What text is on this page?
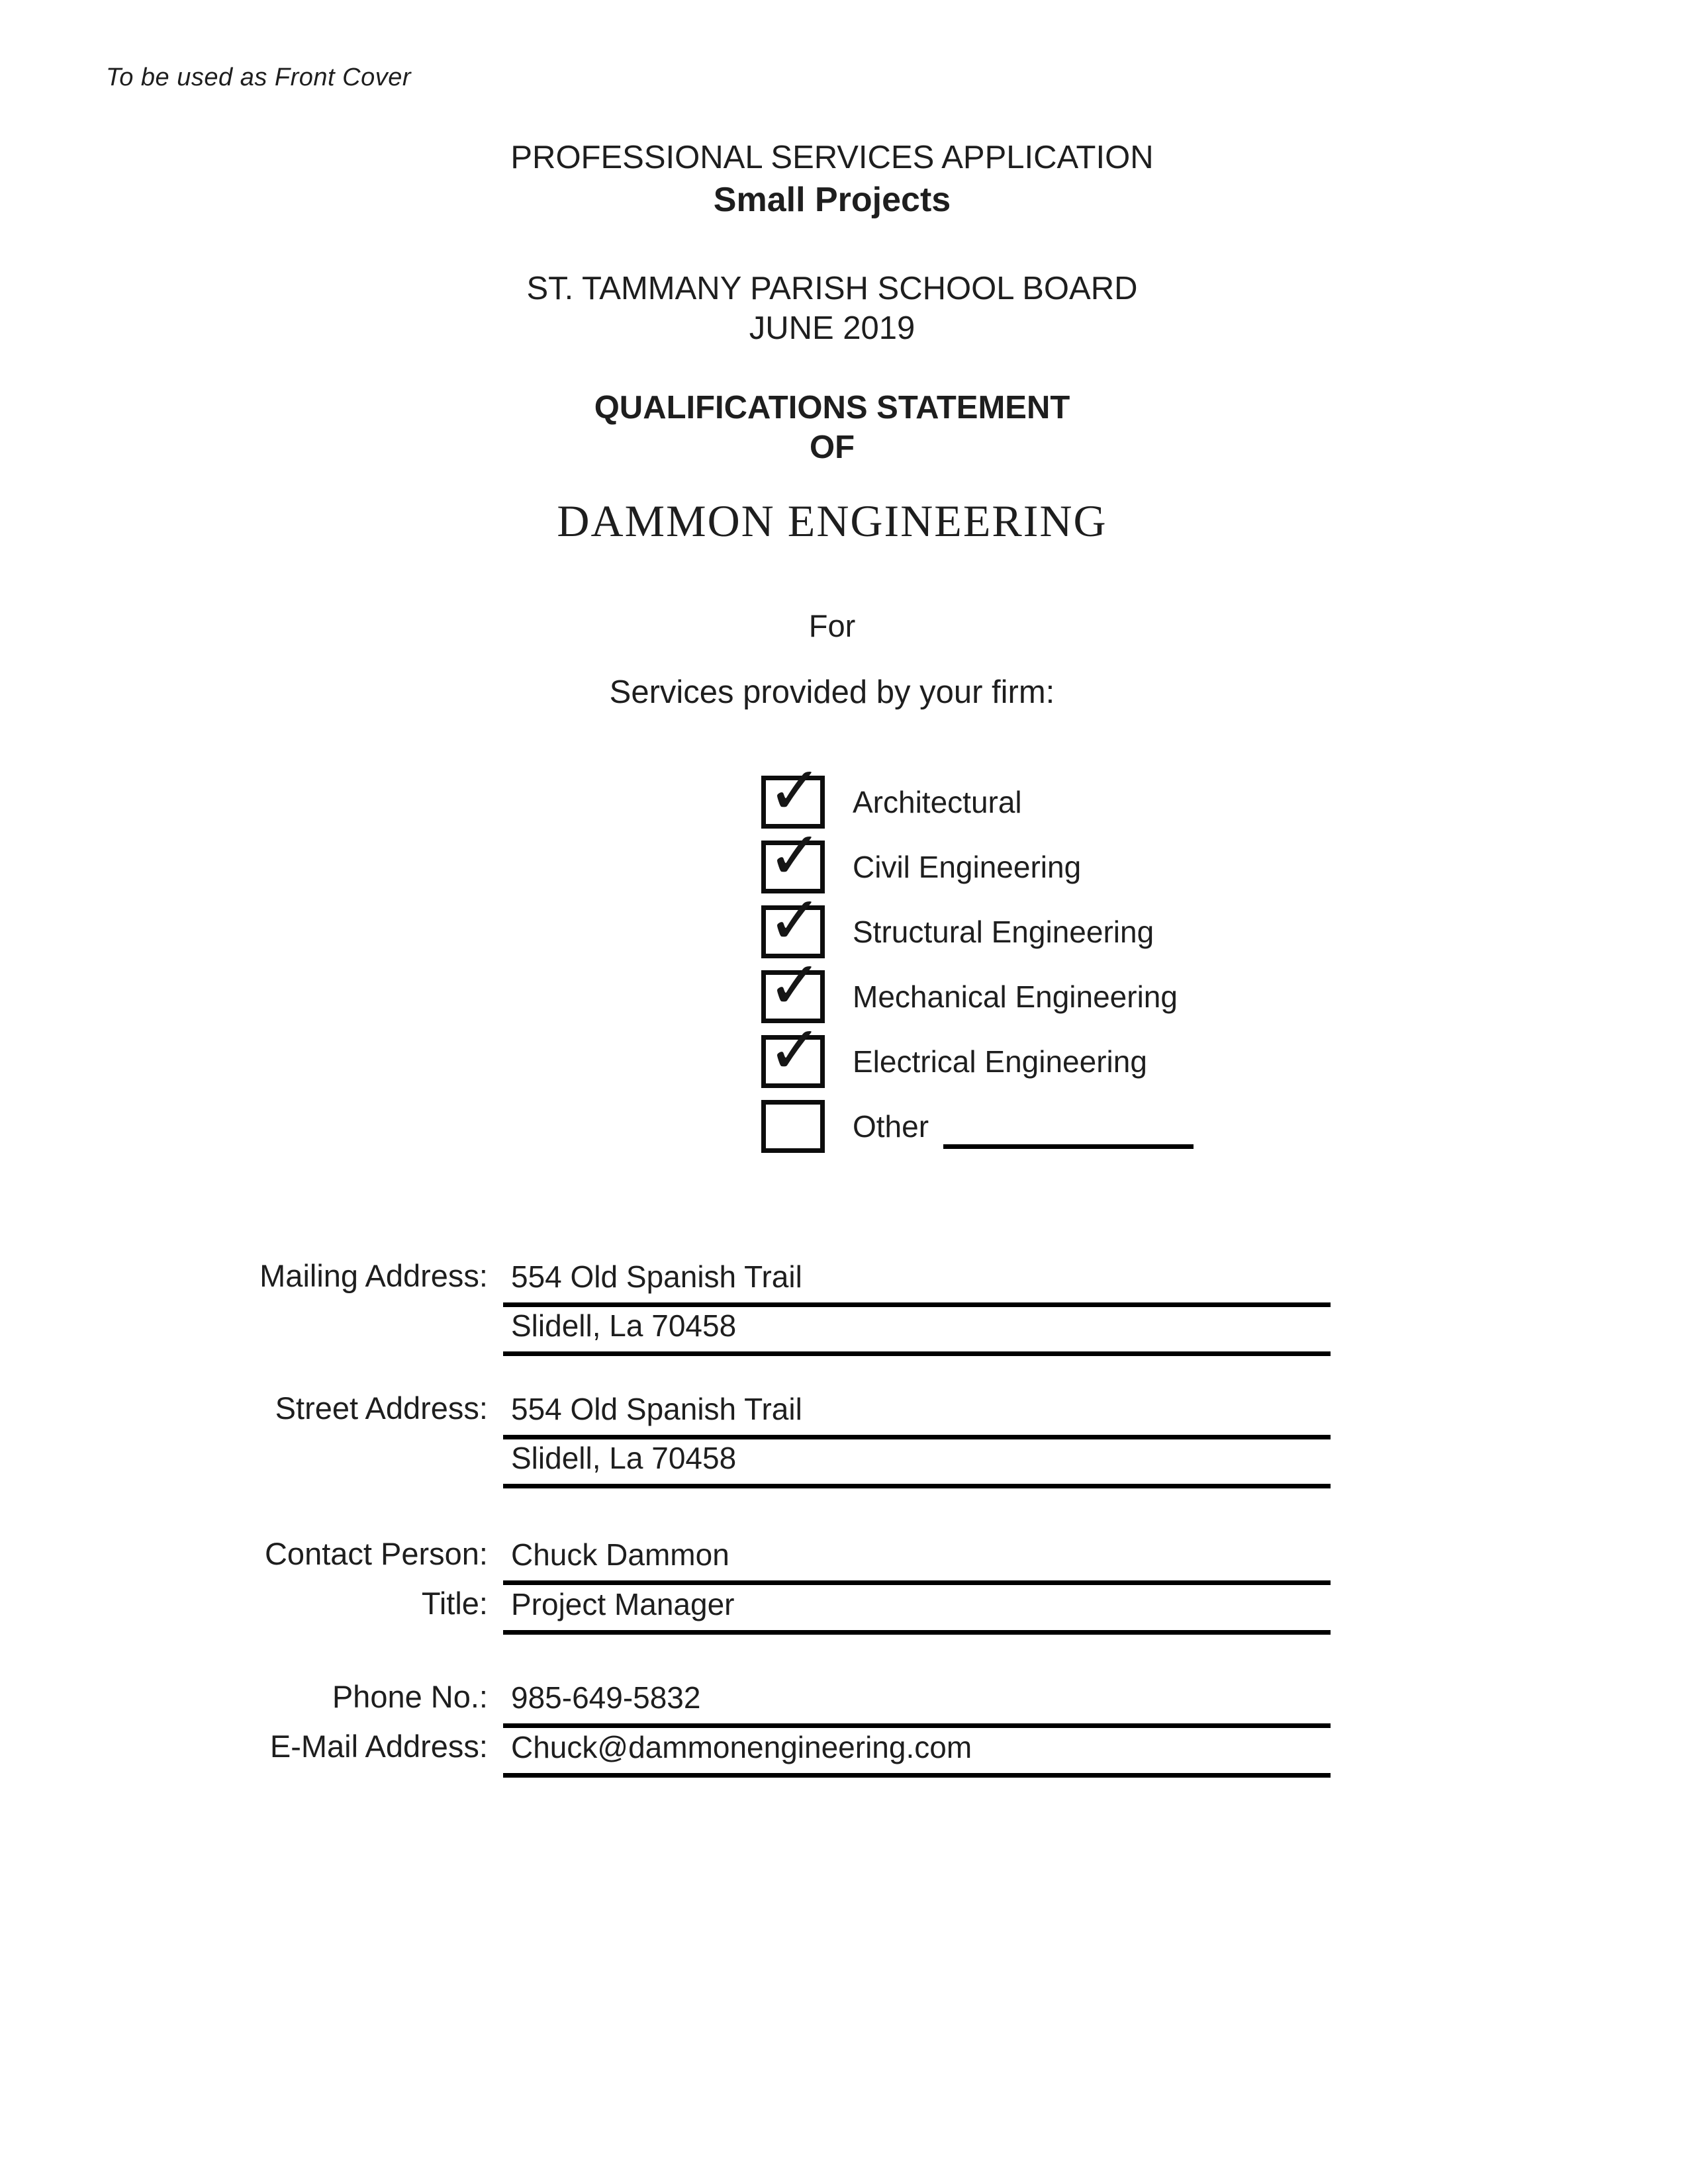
To be used as Front Cover
PROFESSIONAL SERVICES APPLICATION
Small Projects
ST. TAMMANY PARISH SCHOOL BOARD
JUNE 2019
QUALIFICATIONS STATEMENT
OF
DAMMON ENGINEERING
For
Services provided by your firm:
✓ Architectural
✓ Civil Engineering
✓ Structural Engineering
✓ Mechanical Engineering
✓ Electrical Engineering
Other
Mailing Address: 554 Old Spanish Trail
Slidell, La 70458
Street Address: 554 Old Spanish Trail
Slidell, La 70458
Contact Person: Chuck Dammon
Title: Project Manager
Phone No.: 985-649-5832
E-Mail Address: Chuck@dammonengineering.com
